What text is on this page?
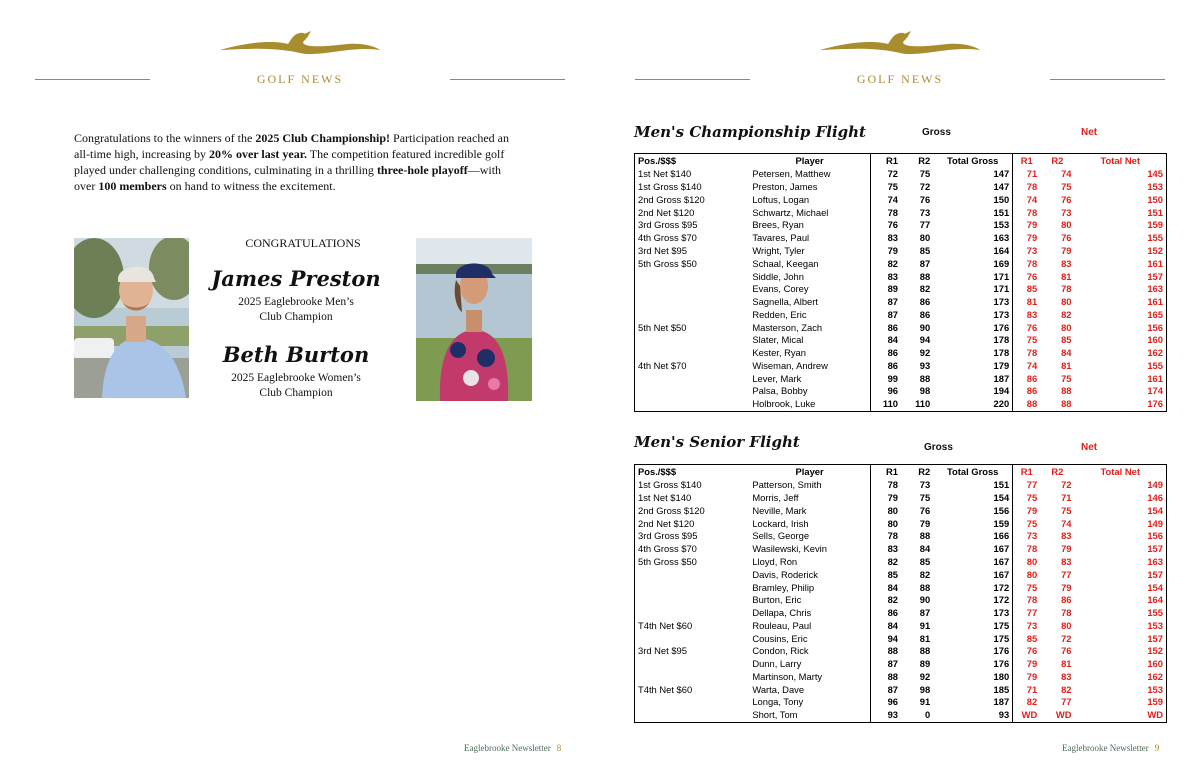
GOLF NEWS
Congratulations to the winners of the 2025 Club Championship! Participation reached an all-time high, increasing by 20% over last year. The competition featured incredible golf played under challenging conditions, culminating in a thrilling three-hole playoff—with over 100 members on hand to witness the excitement.
CONGRATULATIONS
James Preston
2025 Eaglebrooke Men’s
Club Champion
Beth Burton
2025 Eaglebrooke Women’s
Club Champion
Eaglebrooke Newsletter 8
GOLF NEWS
Men's Championship Flight	Gross	Net
Pos./$$$	Player	R1	R2	Total Gross	R1	R2	Total Net
1st Net $140	Petersen, Matthew	72	75	147	71	74	145
1st Gross $140	Preston, James	75	72	147	78	75	153
2nd Gross $120	Loftus, Logan	74	76	150	74	76	150
2nd Net $120	Schwartz, Michael	78	73	151	78	73	151
3rd Gross $95	Brees, Ryan	76	77	153	79	80	159
4th Gross $70	Tavares, Paul	83	80	163	79	76	155
3rd Net $95	Wright, Tyler	79	85	164	73	79	152
5th Gross $50	Schaal, Keegan	82	87	169	78	83	161
	Siddle, John	83	88	171	76	81	157
	Evans, Corey	89	82	171	85	78	163
	Sagnella, Albert	87	86	173	81	80	161
	Redden, Eric	87	86	173	83	82	165
5th Net $50	Masterson, Zach	86	90	176	76	80	156
	Slater, Mical	84	94	178	75	85	160
	Kester, Ryan	86	92	178	78	84	162
4th Net $70	Wiseman, Andrew	86	93	179	74	81	155
	Lever, Mark	99	88	187	86	75	161
	Palsa, Bobby	96	98	194	86	88	174
	Holbrook, Luke	110	110	220	88	88	176
Men's Senior Flight	Gross	Net
Pos./$$$	Player	R1	R2	Total Gross	R1	R2	Total Net
1st Gross $140	Patterson, Smith	78	73	151	77	72	149
1st Net $140	Morris, Jeff	79	75	154	75	71	146
2nd Gross $120	Neville, Mark	80	76	156	79	75	154
2nd Net $120	Lockard, Irish	80	79	159	75	74	149
3rd Gross $95	Sells, George	78	88	166	73	83	156
4th Gross $70	Wasilewski, Kevin	83	84	167	78	79	157
5th Gross $50	Lloyd, Ron	82	85	167	80	83	163
	Davis, Roderick	85	82	167	80	77	157
	Bramley, Philip	84	88	172	75	79	154
	Burton, Eric	82	90	172	78	86	164
	Dellapa, Chris	86	87	173	77	78	155
T4th Net $60	Rouleau, Paul	84	91	175	73	80	153
	Cousins, Eric	94	81	175	85	72	157
3rd Net $95	Condon, Rick	88	88	176	76	76	152
	Dunn, Larry	87	89	176	79	81	160
	Martinson, Marty	88	92	180	79	83	162
T4th Net $60	Warta, Dave	87	98	185	71	82	153
	Longa, Tony	96	91	187	82	77	159
	Short, Tom	93	0	93	WD	WD	WD
Eaglebrooke Newsletter 9
